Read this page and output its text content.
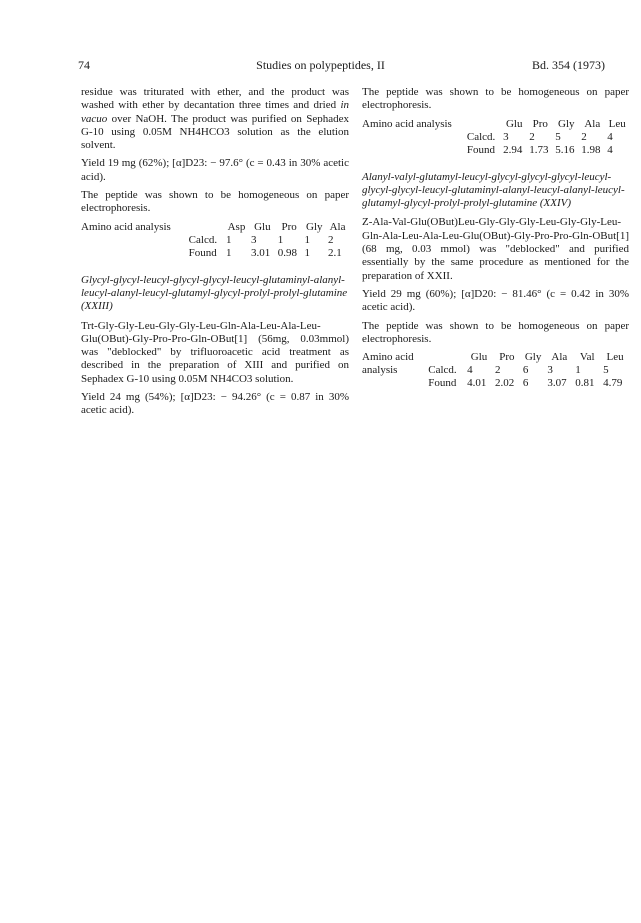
74	Studies on polypeptides, II	Bd. 354 (1973)

residue was triturated with ether, and the product was washed with ether by decantation three times and dried in vacuo over NaOH. The product was purified on Sephadex G-10 using 0.05M NH4HCO3 solution as the elution solvent.

Yield 19 mg (62%); [α]D23: − 97.6° (c = 0.43 in 30% acetic acid).

The peptide was shown to be homogeneous on paper electrophoresis.

Amino acid analysis		Asp	Glu	Pro	Gly	Ala
	Calcd.	1	3	1	1	2
	Found	1	3.01	0.98	1	2.1

Glycyl-glycyl-leucyl-glycyl-glycyl-leucyl-glutaminyl-alanyl-leucyl-alanyl-leucyl-glutamyl-glycyl-prolyl-prolyl-glutamine (XXIII)

Trt-Gly-Gly-Leu-Gly-Gly-Leu-Gln-Ala-Leu-Ala-Leu-Glu(OBut)-Gly-Pro-Pro-Gln-OBut[1] (56mg, 0.03mmol) was "deblocked" by trifluoroacetic acid treatment as described in the preparation of XIII and purified on Sephadex G-10 using 0.05M NH4CO3 solution.

Yield 24 mg (54%); [α]D23: − 94.26° (c = 0.87 in 30% acetic acid).

The peptide was shown to be homogeneous on paper electrophoresis.

Amino acid analysis		Glu	Pro	Gly	Ala	Leu
	Calcd.	3	2	5	2	4
	Found	2.94	1.73	5.16	1.98	4

Alanyl-valyl-glutamyl-leucyl-glycyl-glycyl-glycyl-leucyl-glycyl-glycyl-leucyl-glutaminyl-alanyl-leucyl-alanyl-leucyl-glutamyl-glycyl-prolyl-prolyl-glutamine (XXIV)

Z-Ala-Val-Glu(OBut)Leu-Gly-Gly-Gly-Leu-Gly-Gly-Leu-Gln-Ala-Leu-Ala-Leu-Glu(OBut)-Gly-Pro-Pro-Gln-OBut[1] (68 mg, 0.03 mmol) was "deblocked" and purified essentially by the same procedure as mentioned for the preparation of XXII.

Yield 29 mg (60%); [α]D20: − 81.46° (c = 0.42 in 30% acetic acid).

The peptide was shown to be homogeneous on paper electrophoresis.

Amino acid		Glu	Pro	Gly	Ala	Val	Leu
analysis	Calcd.	4	2	6	3	1	5
	Found	4.01	2.02	6	3.07	0.81	4.79
